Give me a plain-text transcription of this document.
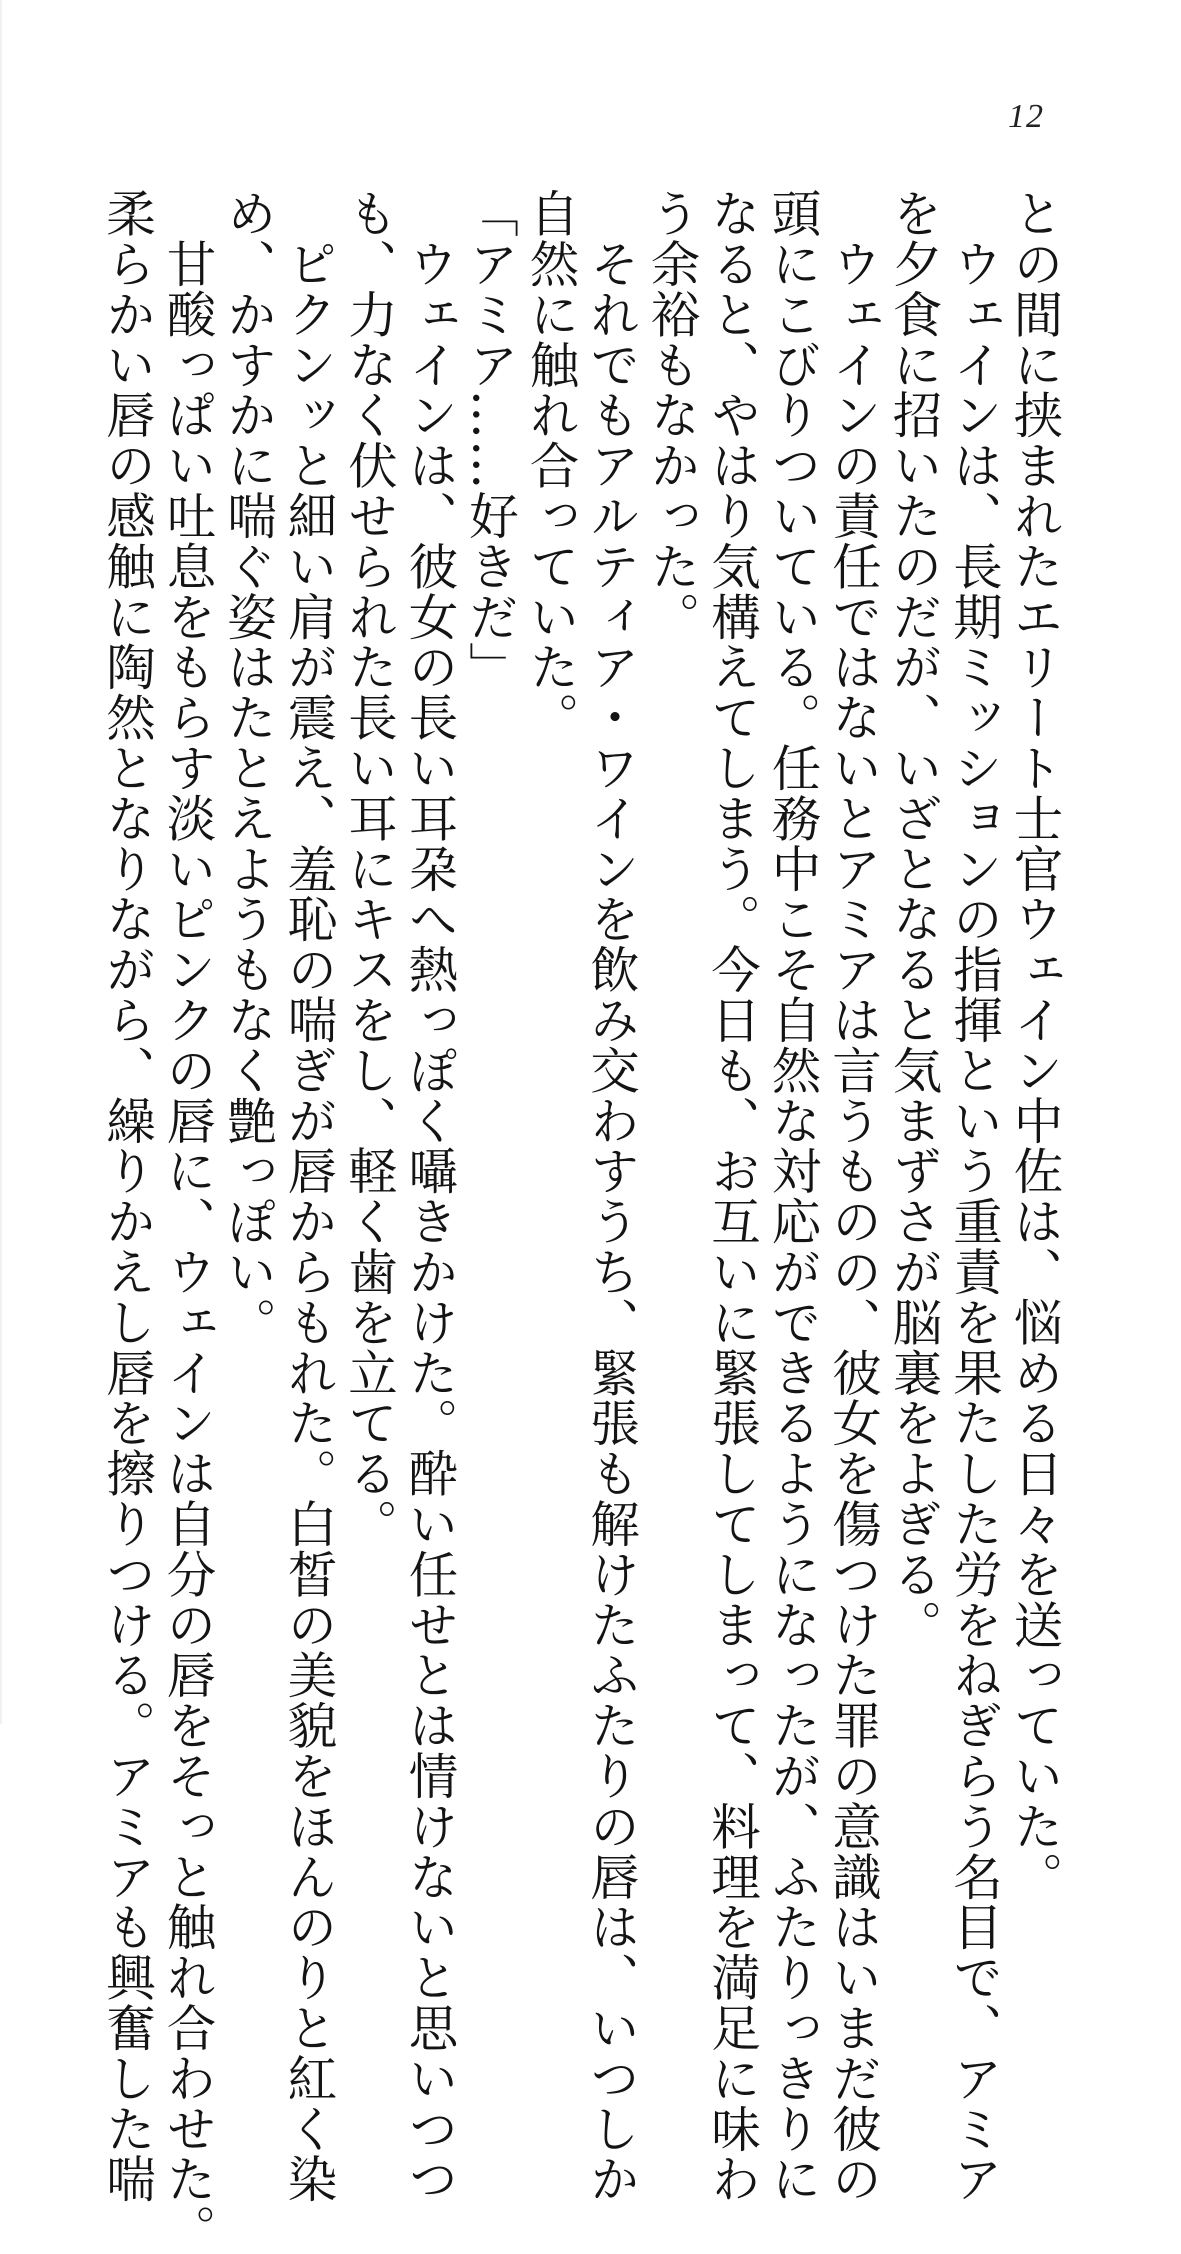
12
との間に挟まれたエリート士官ウェイン中佐は、悩める日々を送っていた。
　ウェインは、長期ミッションの指揮という重責を果たした労をねぎらう名目で、アミア
を夕食に招いたのだが、いざとなると気まずさが脳裏をよぎる。
　ウェインの責任ではないとアミアは言うものの、彼女を傷つけた罪の意識はいまだ彼の
頭にこびりついている。任務中こそ自然な対応ができるようになったが、ふたりっきりに
なると、やはり気構えてしまう。今日も、お互いに緊張してしまって、料理を満足に味わ
う余裕もなかった。
　それでもアルティア・ワインを飲み交わすうち、緊張も解けたふたりの唇は、いつしか
自然に触れ合っていた。
「アミア……好きだ」
　ウェインは、彼女の長い耳朶へ熱っぽく囁きかけた。酔い任せとは情けないと思いつつ
も、力なく伏せられた長い耳にキスをし、軽く歯を立てる。
　ピクンッと細い肩が震え、羞恥の喘ぎが唇からもれた。白皙の美貌をほんのりと紅く染
め、かすかに喘ぐ姿はたとえようもなく艶っぽい。
　甘酸っぱい吐息をもらす淡いピンクの唇に、ウェインは自分の唇をそっと触れ合わせた。
柔らかい唇の感触に陶然となりながら、繰りかえし唇を擦りつける。アミアも興奮した喘
